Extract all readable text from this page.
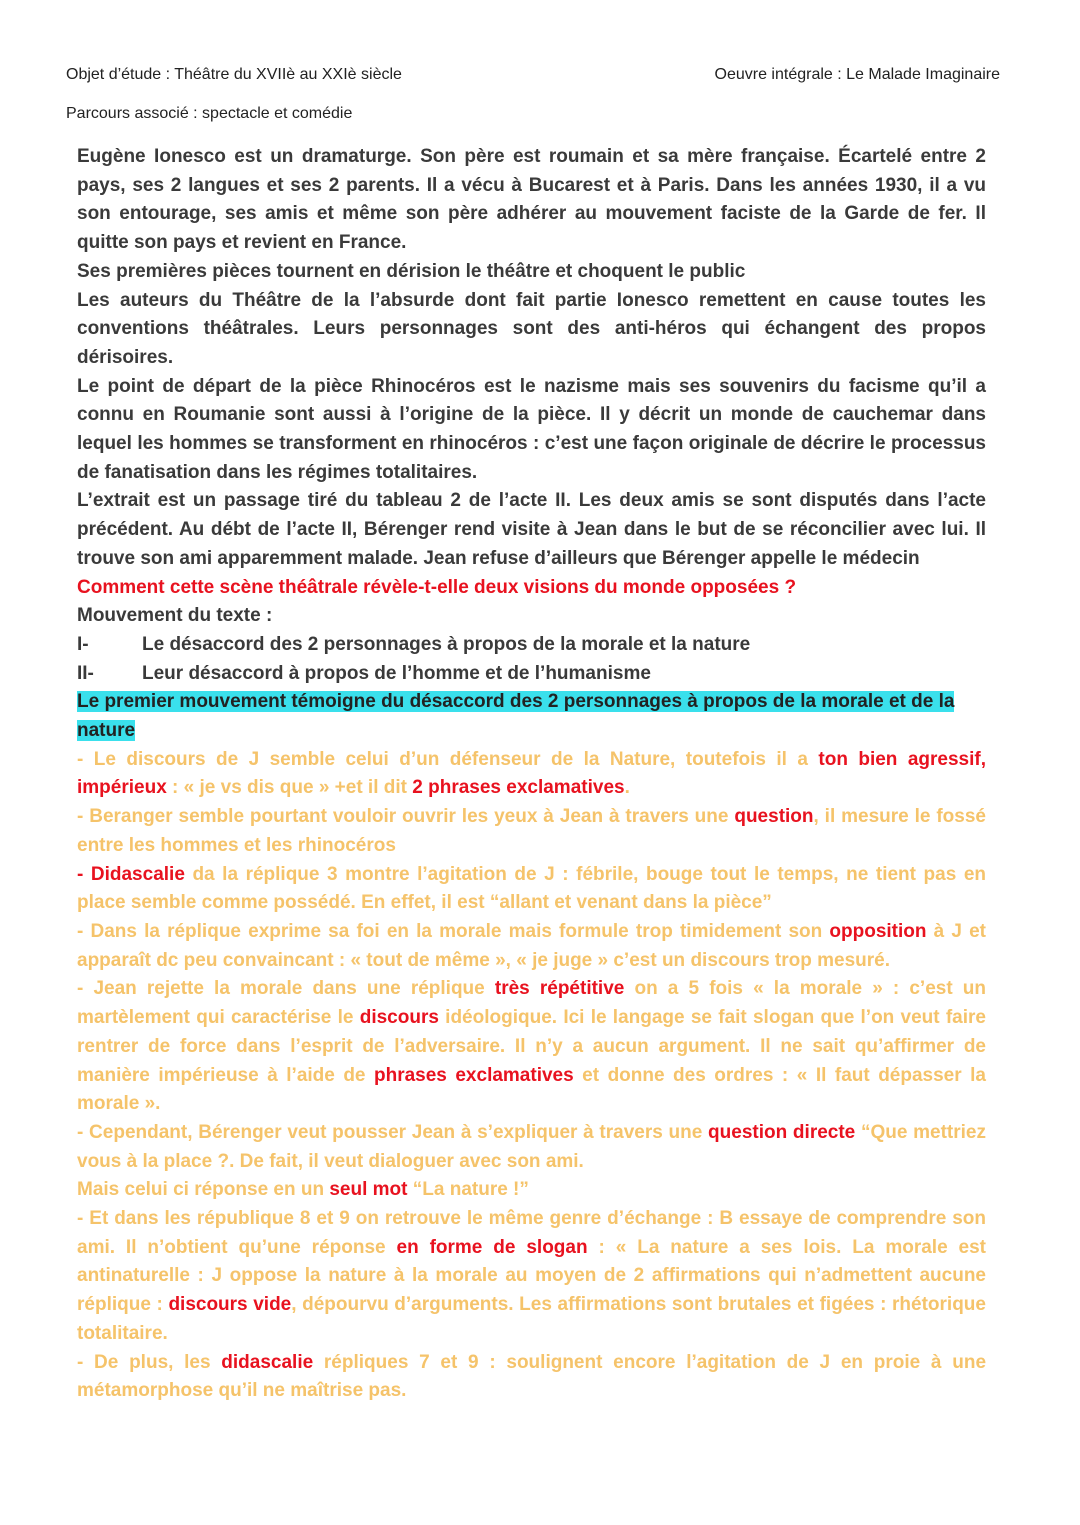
Objet d’étude : Théâtre du XVIIè au XXIè siècle	Oeuvre intégrale : Le Malade Imaginaire
Parcours associé : spectacle et comédie

Eugène Ionesco est un dramaturge. Son père est roumain et sa mère française. Écartelé entre 2 pays, ses 2 langues et ses 2 parents. Il a vécu à Bucarest et à Paris. Dans les années 1930, il a vu son entourage, ses amis et même son père adhérer au mouvement faciste de la Garde de fer. Il quitte son pays et revient en France.

Ses premières pièces tournent en dérision le théâtre et choquent le public

Les auteurs du Théâtre de la l’absurde dont fait partie Ionesco remettent en cause toutes les conventions théâtrales. Leurs personnages sont des anti-héros qui échangent des propos dérisoires.

Le point de départ de la pièce Rhinocéros est le nazisme mais ses souvenirs du facisme qu’il a connu en Roumanie sont aussi à l’origine de la pièce. Il y décrit un monde de cauchemar dans lequel les hommes se transforment en rhinocéros : c’est une façon originale de décrire le processus de fanatisation dans les régimes totalitaires.

L’extrait est un passage tiré du tableau 2 de l’acte II. Les deux amis se sont disputés dans l’acte précédent. Au débt de l’acte II, Bérenger rend visite à Jean dans le but de se réconcilier avec lui. Il trouve son ami apparemment malade. Jean refuse d’ailleurs que Bérenger appelle le médecin

Comment cette scène théâtrale révèle-t-elle deux visions du monde opposées ?

Mouvement du texte :

I-	Le désaccord des 2 personnages à propos de la morale et la nature
II-	Leur désaccord à propos de l’homme et de l’humanisme

Le premier mouvement témoigne du désaccord des 2 personnages à propos de la morale et de la nature

- Le discours de J semble celui d’un défenseur de la Nature, toutefois il a ton bien agressif, impérieux : « je vs dis que » +et il dit 2 phrases exclamatives.

- Beranger semble pourtant vouloir ouvrir les yeux à Jean à travers une question, il mesure le fossé entre les hommes et les rhinocéros

- Didascalie da la réplique 3 montre l’agitation de J : fébrile, bouge tout le temps, ne tient pas en place semble comme possédé. En effet, il est “allant et venant dans la pièce”

- Dans la réplique exprime sa foi en la morale mais formule trop timidement son opposition à J et apparaît dc peu convaincant : « tout de même », « je juge » c’est un discours trop mesuré.

- Jean rejette la morale dans une réplique très répétitive on a 5 fois « la morale » : c’est un martèlement qui caractérise le discours idéologique. Ici le langage se fait slogan que l’on veut faire rentrer de force dans l’esprit de l’adversaire. Il n’y a aucun argument. Il ne sait qu’affirmer de manière impérieuse à l’aide de phrases exclamatives et donne des ordres : « Il faut dépasser la morale ».

- Cependant, Bérenger veut pousser Jean à s’expliquer à travers une question directe “Que mettriez vous à la place ?. De fait, il veut dialoguer avec son ami.

Mais celui ci réponse en un seul mot “La nature !”

- Et dans les république 8 et 9 on retrouve le même genre d’échange : B essaye de comprendre son ami. Il n’obtient qu’une réponse en forme de slogan : « La nature a ses lois. La morale est antinaturelle : J oppose la nature à la morale au moyen de 2 affirmations qui n’admettent aucune réplique : discours vide, dépourvu d’arguments. Les affirmations sont brutales et figées : rhétorique totalitaire.

- De plus, les didascalie répliques 7 et 9 : soulignent encore l’agitation de J en proie à une métamorphose qu’il ne maîtrise pas.
